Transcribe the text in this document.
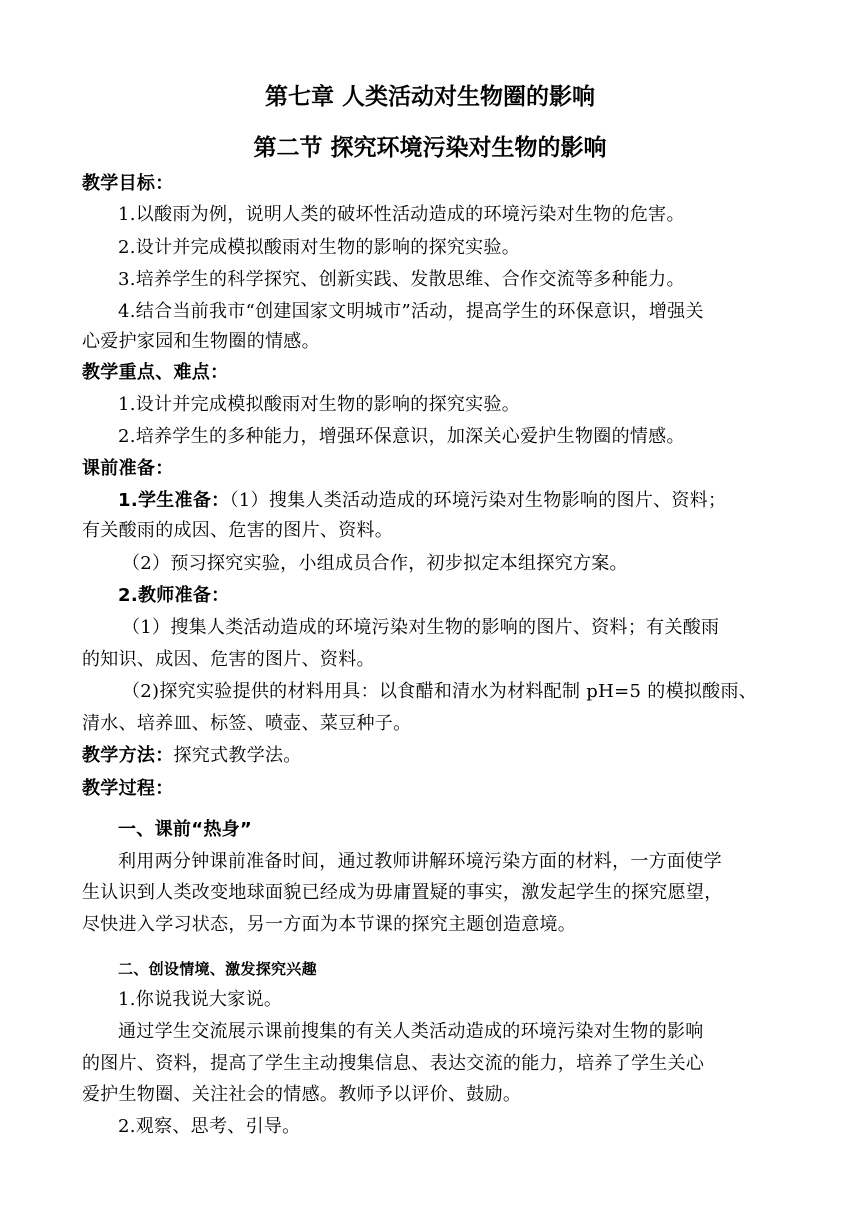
第七章 人类活动对生物圈的影响
第二节 探究环境污染对生物的影响
教学目标：
1.以酸雨为例，说明人类的破坏性活动造成的环境污染对生物的危害。
2.设计并完成模拟酸雨对生物的影响的探究实验。
3.培养学生的科学探究、创新实践、发散思维、合作交流等多种能力。
4.结合当前我市“创建国家文明城市”活动，提高学生的环保意识，增强关
心爱护家园和生物圈的情感。
教学重点、难点：
1.设计并完成模拟酸雨对生物的影响的探究实验。
2.培养学生的多种能力，增强环保意识，加深关心爱护生物圈的情感。
课前准备：
1.学生准备：（1）搜集人类活动造成的环境污染对生物影响的图片、资料；
有关酸雨的成因、危害的图片、资料。
（2）预习探究实验，小组成员合作，初步拟定本组探究方案。
2.教师准备：
（1）搜集人类活动造成的环境污染对生物的影响的图片、资料；有关酸雨
的知识、成因、危害的图片、资料。
（2)探究实验提供的材料用具：以食醋和清水为材料配制 pH=5 的模拟酸雨、
清水、培养皿、标签、喷壶、菜豆种子。
教学方法：探究式教学法。
教学过程：
一、课前“热身”
利用两分钟课前准备时间，通过教师讲解环境污染方面的材料，一方面使学
生认识到人类改变地球面貌已经成为毋庸置疑的事实，激发起学生的探究愿望，
尽快进入学习状态，另一方面为本节课的探究主题创造意境。
二、创设情境、激发探究兴趣
1.你说我说大家说。
通过学生交流展示课前搜集的有关人类活动造成的环境污染对生物的影响
的图片、资料，提高了学生主动搜集信息、表达交流的能力，培养了学生关心
爱护生物圈、关注社会的情感。教师予以评价、鼓励。
2.观察、思考、引导。
